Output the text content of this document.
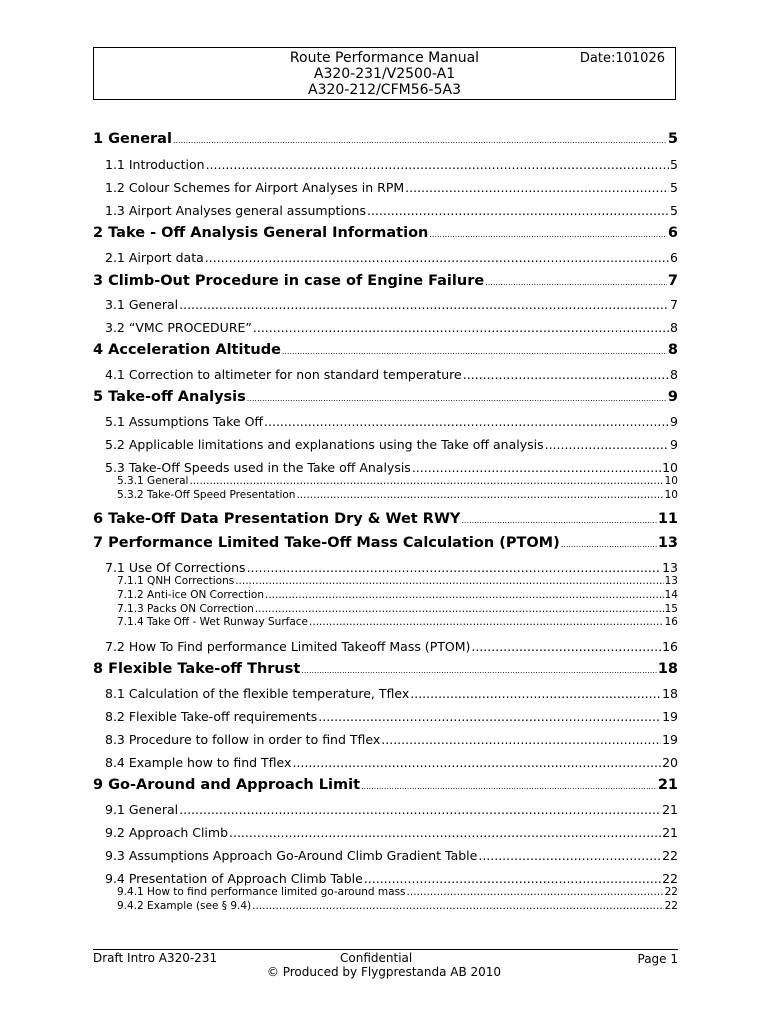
Route Performance Manual
A320-231/V2500-A1
A320-212/CFM56-5A3
Date:101026
1 General .....	5
1.1 Introduction .....	5
1.2 Colour Schemes for Airport Analyses in RPM .....	5
1.3 Airport Analyses general assumptions .....	5
2 Take - Off Analysis General Information .....	6
2.1 Airport data .....	6
3 Climb-Out Procedure in case of Engine Failure .....	7
3.1 General .....	7
3.2 “VMC PROCEDURE” .....	8
4 Acceleration Altitude .....	8
4.1 Correction to altimeter for non standard temperature .....	8
5 Take-off Analysis .....	9
5.1 Assumptions Take Off .....	9
5.2 Applicable limitations and explanations using the Take off analysis .....	9
5.3 Take-Off Speeds used in the Take off Analysis .....	10
5.3.1 General .....	10
5.3.2 Take-Off Speed Presentation .....	10
6 Take-Off Data Presentation Dry & Wet RWY .....	11
7 Performance Limited Take-Off Mass Calculation (PTOM) .....	13
7.1 Use Of Corrections .....	13
7.1.1 QNH Corrections .....	13
7.1.2 Anti-ice ON Correction .....	14
7.1.3 Packs ON Correction .....	15
7.1.4 Take Off - Wet Runway Surface .....	16
7.2 How To Find performance Limited Takeoff Mass (PTOM) .....	16
8 Flexible Take-off Thrust .....	18
8.1 Calculation of the flexible temperature, Tflex .....	18
8.2 Flexible Take-off requirements .....	19
8.3 Procedure to follow in order to find Tflex .....	19
8.4 Example how to find Tflex .....	20
9 Go-Around and Approach Limit .....	21
9.1 General .....	21
9.2 Approach Climb .....	21
9.3 Assumptions Approach Go-Around Climb Gradient Table .....	22
9.4 Presentation of Approach Climb Table .....	22
9.4.1 How to find performance limited go-around mass .....	22
9.4.2 Example (see § 9.4) .....	22
Draft Intro A320-231	Confidential	Page 1
© Produced by Flygprestanda AB 2010
